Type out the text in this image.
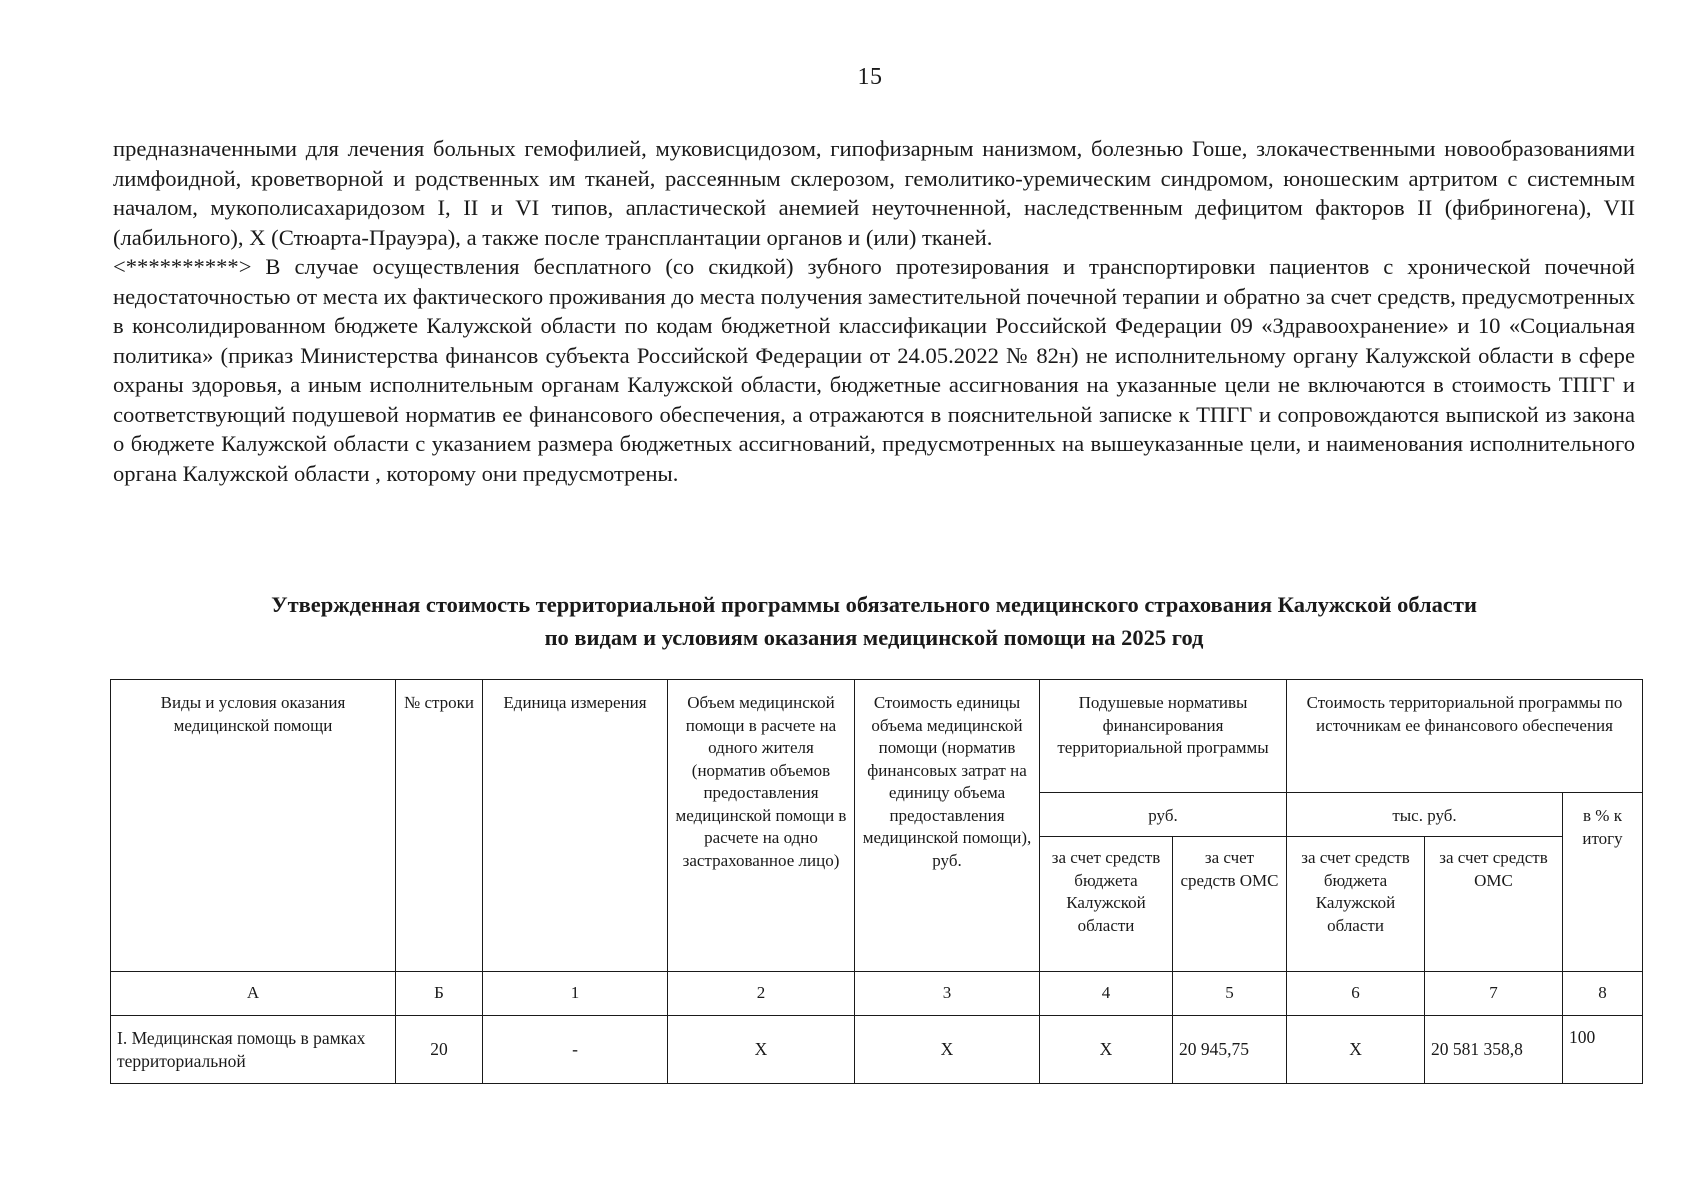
15

предназначенными для лечения больных гемофилией, муковисцидозом, гипофизарным нанизмом, болезнью Гоше, злокачественными новообразованиями лимфоидной, кроветворной и родственных им тканей, рассеянным склерозом, гемолитико-уремическим синдромом, юношеским артритом с системным началом, мукополисахаридозом I, II и VI типов, апластической анемией неуточненной, наследственным дефицитом факторов II (фибриногена), VII (лабильного), X (Стюарта-Прауэра), а также после трансплантации органов и (или) тканей.

<**********> В случае осуществления бесплатного (со скидкой) зубного протезирования и транспортировки пациентов с хронической почечной недостаточностью от места их фактического проживания до места получения заместительной почечной терапии и обратно за счет средств, предусмотренных в консолидированном бюджете Калужской области по кодам бюджетной классификации Российской Федерации 09 «Здравоохранение» и 10 «Социальная политика» (приказ Министерства финансов субъекта Российской Федерации от 24.05.2022 № 82н) не исполнительному органу Калужской области в сфере охраны здоровья, а иным исполнительным органам Калужской области, бюджетные ассигнования на указанные цели не включаются в стоимость ТПГГ и соответствующий подушевой норматив ее финансового обеспечения, а отражаются в пояснительной записке к ТПГГ и сопровождаются выпиской из закона о бюджете Калужской области с указанием размера бюджетных ассигнований, предусмотренных на вышеуказанные цели, и наименования исполнительного органа Калужской области , которому они предусмотрены.

Утвержденная стоимость территориальной программы обязательного медицинского страхования Калужской области
по видам и условиям оказания медицинской помощи на 2025 год
Виды и условия оказания медицинской помощи	№ строки	Единица измерения	Объем медицинской помощи в расчете на одного жителя (норматив объемов предоставления медицинской помощи в расчете на одно застрахованное лицо)	Стоимость единицы объема медицинской помощи (норматив финансовых затрат на единицу объема предоставления медицинской помощи), руб.	Подушевые нормативы финансирования территориальной программы		Стоимость территориальной программы по источникам ее финансового обеспечения		
					руб.		тыс. руб.		в % к итогу
					за счет средств бюджета Калужской области	за счет средств ОМС	за счет средств бюджета Калужской области	за счет средств ОМС	
А	Б	1	2	3	4	5	6	7	8
I. Медицинская помощь в рамках территориальной	20	-	X	X	X	20 945,75	X	20 581 358,8	100
